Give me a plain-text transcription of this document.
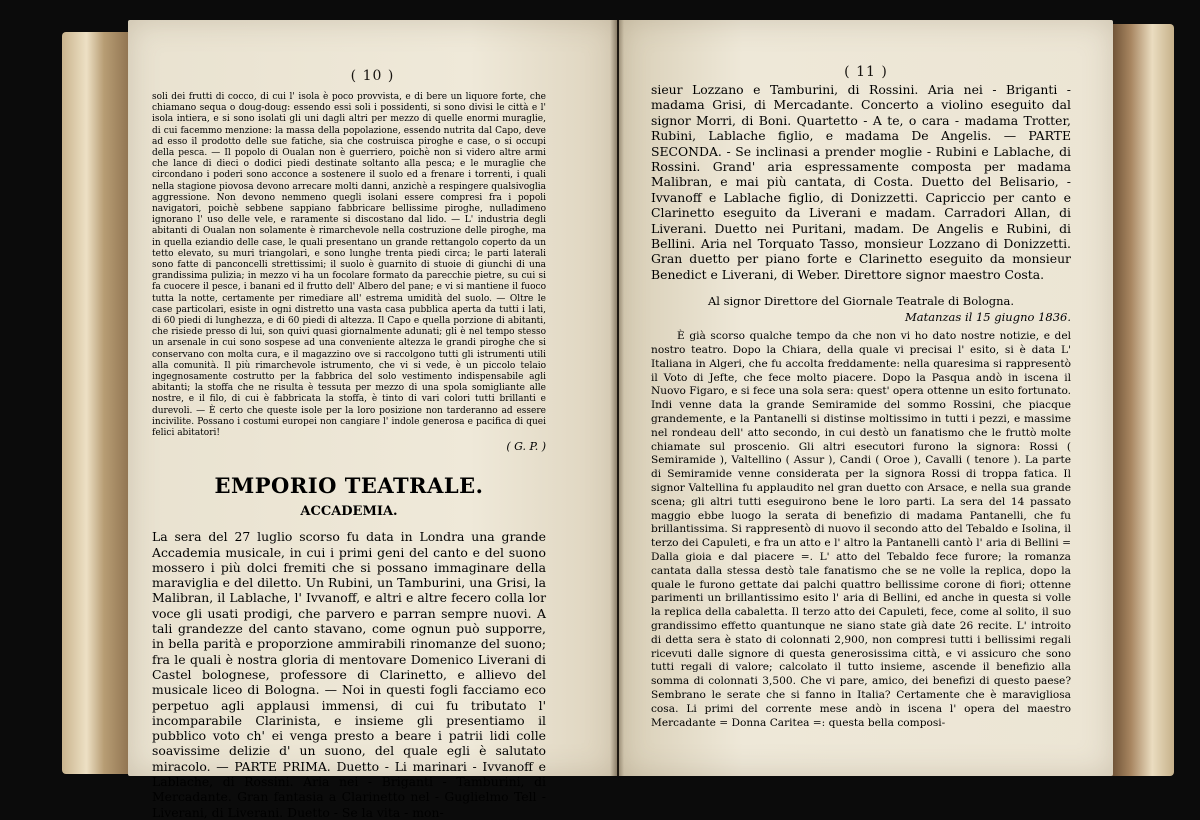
( 10 )	( 11 )

soli dei frutti di cocco, di cui l' isola è poco provvista, e di bere un liquore forte, che chiamano sequa o doug-doug: essendo essi soli i possidenti, si sono divisi le città e l' isola intiera, e si sono isolati gli uni dagli altri per mezzo di quelle enormi muraglie, di cui facemmo menzione: la massa della popolazione, essendo nutrita dal Capo, deve ad esso il prodotto delle sue fatiche, sia che costruisca piroghe e case, o si occupi della pesca. — Il popolo di Oualan non è guerriero, poichè non si videro altre armi che lance di dieci o dodici piedi destinate soltanto alla pesca; e le muraglie che circondano i poderi sono acconce a sostenere il suolo ed a frenare i torrenti, i quali nella stagione piovosa devono arrecare molti danni, anzichè a respingere qualsivoglia aggressione. Non devono nemmeno quegli isolani essere compresi fra i popoli navigatori, poichè sebbene sappiano fabbricare bellissime piroghe, nulladimeno ignorano l' uso delle vele, e raramente si discostano dal lido. — L' industria degli abitanti di Oualan non solamente è rimarchevole nella costruzione delle piroghe, ma in quella eziandio delle case, le quali presentano un grande rettangolo coperto da un tetto elevato, su muri triangolari, e sono lunghe trenta piedi circa; le parti laterali sono fatte di panconcelli strettissimi; il suolo è guarnito di stuoie di giunchi di una grandissima pulizia; in mezzo vi ha un focolare formato da parecchie pietre, su cui si fa cuocere il pesce, i banani ed il frutto dell' Albero del pane; e vi si mantiene il fuoco tutta la notte, certamente per rimediare all' estrema umidità del suolo. — Oltre le case particolari, esiste in ogni distretto una vasta casa pubblica aperta da tutti i lati, di 60 piedi di lunghezza, e di 60 piedi di altezza. Il Capo e quella porzione di abitanti, che risiede presso di lui, son quivi quasi giornalmente adunati; gli è nel tempo stesso un arsenale in cui sono sospese ad una conveniente altezza le grandi piroghe che si conservano con molta cura, e il magazzino ove si raccolgono tutti gli istrumenti utili alla comunità. Il più rimarchevole istrumento, che vi si vede, è un piccolo telaio ingegnosamente costrutto per la fabbrica del solo vestimento indispensabile agli abitanti; la stoffa che ne risulta è tessuta per mezzo di una spola somigliante alle nostre, e il filo, di cui è fabbricata la stoffa, è tinto di vari colori tutti brillanti e durevoli. — È certo che queste isole per la loro posizione non tarderanno ad essere incivilite. Possano i costumi europei non cangiare l' indole generosa e pacifica di quei felici abitatori!

( G. P. )
EMPORIO TEATRALE.
ACCADEMIA.

La sera del 27 luglio scorso fu data in Londra una grande Accademia musicale, in cui i primi geni del canto e del suono mossero i più dolci fremiti che si possano immaginare della maraviglia e del diletto. Un Rubini, un Tamburini, una Grisi, la Malibran, il Lablache, l' Ivvanoff, e altri e altre fecero colla lor voce gli usati prodigi, che parvero e parran sempre nuovi. A tali grandezze del canto stavano, come ognun può supporre, in bella parità e proporzione ammirabili rinomanze del suono; fra le quali è nostra gloria di mentovare Domenico Liverani di Castel bolognese, professore di Clarinetto, e allievo del musicale liceo di Bologna. — Noi in questi fogli facciamo eco perpetuo agli applausi immensi, di cui fu tributato l' incomparabile Clarinista, e insieme gli presentiamo il pubblico voto ch' ei venga presto a beare i patrii lidi colle soavissime delizie d' un suono, del quale egli è salutato miracolo. — PARTE PRIMA. Duetto - Li marinari - Ivvanoff e Lablache, di Rossini. Aria nei - Briganti - Tamburini, di Mercadante. Gran fantasia a Clarinetto nel - Guglielmo Tell - Liverani, di Liverani. Duetto - Se la vita - mon-

sieur Lozzano e Tamburini, di Rossini. Aria nei - Briganti - madama Grisi, di Mercadante. Concerto a violino eseguito dal signor Morri, di Boni. Quartetto - A te, o cara - madama Trotter, Rubini, Lablache figlio, e madama De Angelis. — PARTE SECONDA. - Se inclinasi a prender moglie - Rubini e Lablache, di Rossini. Grand' aria espressamente composta per madama Malibran, e mai più cantata, di Costa. Duetto del Belisario, - Ivvanoff e Lablache figlio, di Donizzetti. Capriccio per canto e Clarinetto eseguito da Liverani e madam. Carradori Allan, di Liverani. Duetto nei Puritani, madam. De Angelis e Rubini, di Bellini. Aria nel Torquato Tasso, monsieur Lozzano di Donizzetti. Gran duetto per piano forte e Clarinetto eseguito da monsieur Benedict e Liverani, di Weber. Direttore signor maestro Costa.

Al signor Direttore del Giornale Teatrale di Bologna.
Matanzas il 15 giugno 1836.

È già scorso qualche tempo da che non vi ho dato nostre notizie, e del nostro teatro. Dopo la Chiara, della quale vi precisai l' esito, si è data L' Italiana in Algeri, che fu accolta freddamente: nella quaresima si rappresentò il Voto di Jefte, che fece molto piacere. Dopo la Pasqua andò in iscena il Nuovo Figaro, e si fece una sola sera: quest' opera ottenne un esito fortunato. Indi venne data la grande Semiramide del sommo Rossini, che piacque grandemente, e la Pantanelli si distinse moltissimo in tutti i pezzi, e massime nel rondeau dell' atto secondo, in cui destò un fanatismo che le fruttò molte chiamate sul proscenio. Gli altri esecutori furono la signora: Rossi ( Semiramide ), Valtellino ( Assur ), Candi ( Oroe ), Cavalli ( tenore ). La parte di Semiramide venne considerata per la signora Rossi di troppa fatica. Il signor Valtellina fu applaudito nel gran duetto con Arsace, e nella sua grande scena; gli altri tutti eseguirono bene le loro parti. La sera del 14 passato maggio ebbe luogo la serata di benefizio di madama Pantanelli, che fu brillantissima. Si rappresentò di nuovo il secondo atto del Tebaldo e Isolina, il terzo dei Capuleti, e fra un atto e l' altro la Pantanelli cantò l' aria di Bellini = Dalla gioia e dal piacere =. L' atto del Tebaldo fece furore; la romanza cantata dalla stessa destò tale fanatismo che se ne volle la replica, dopo la quale le furono gettate dai palchi quattro bellissime corone di fiori; ottenne parimenti un brillantissimo esito l' aria di Bellini, ed anche in questa si volle la replica della cabaletta. Il terzo atto dei Capuleti, fece, come al solito, il suo grandissimo effetto quantunque ne siano state già date 26 recite. L' introito di detta sera è stato di colonnati 2,900, non compresi tutti i bellissimi regali ricevuti dalle signore di questa generosissima città, e vi assicuro che sono tutti regali di valore; calcolato il tutto insieme, ascende il benefizio alla somma di colonnati 3,500. Che vi pare, amico, dei benefizi di questo paese? Sembrano le serate che si fanno in Italia? Certamente che è maravigliosa cosa. Li primi del corrente mese andò in iscena l' opera del maestro Mercadante = Donna Caritea =: questa bella composi-
